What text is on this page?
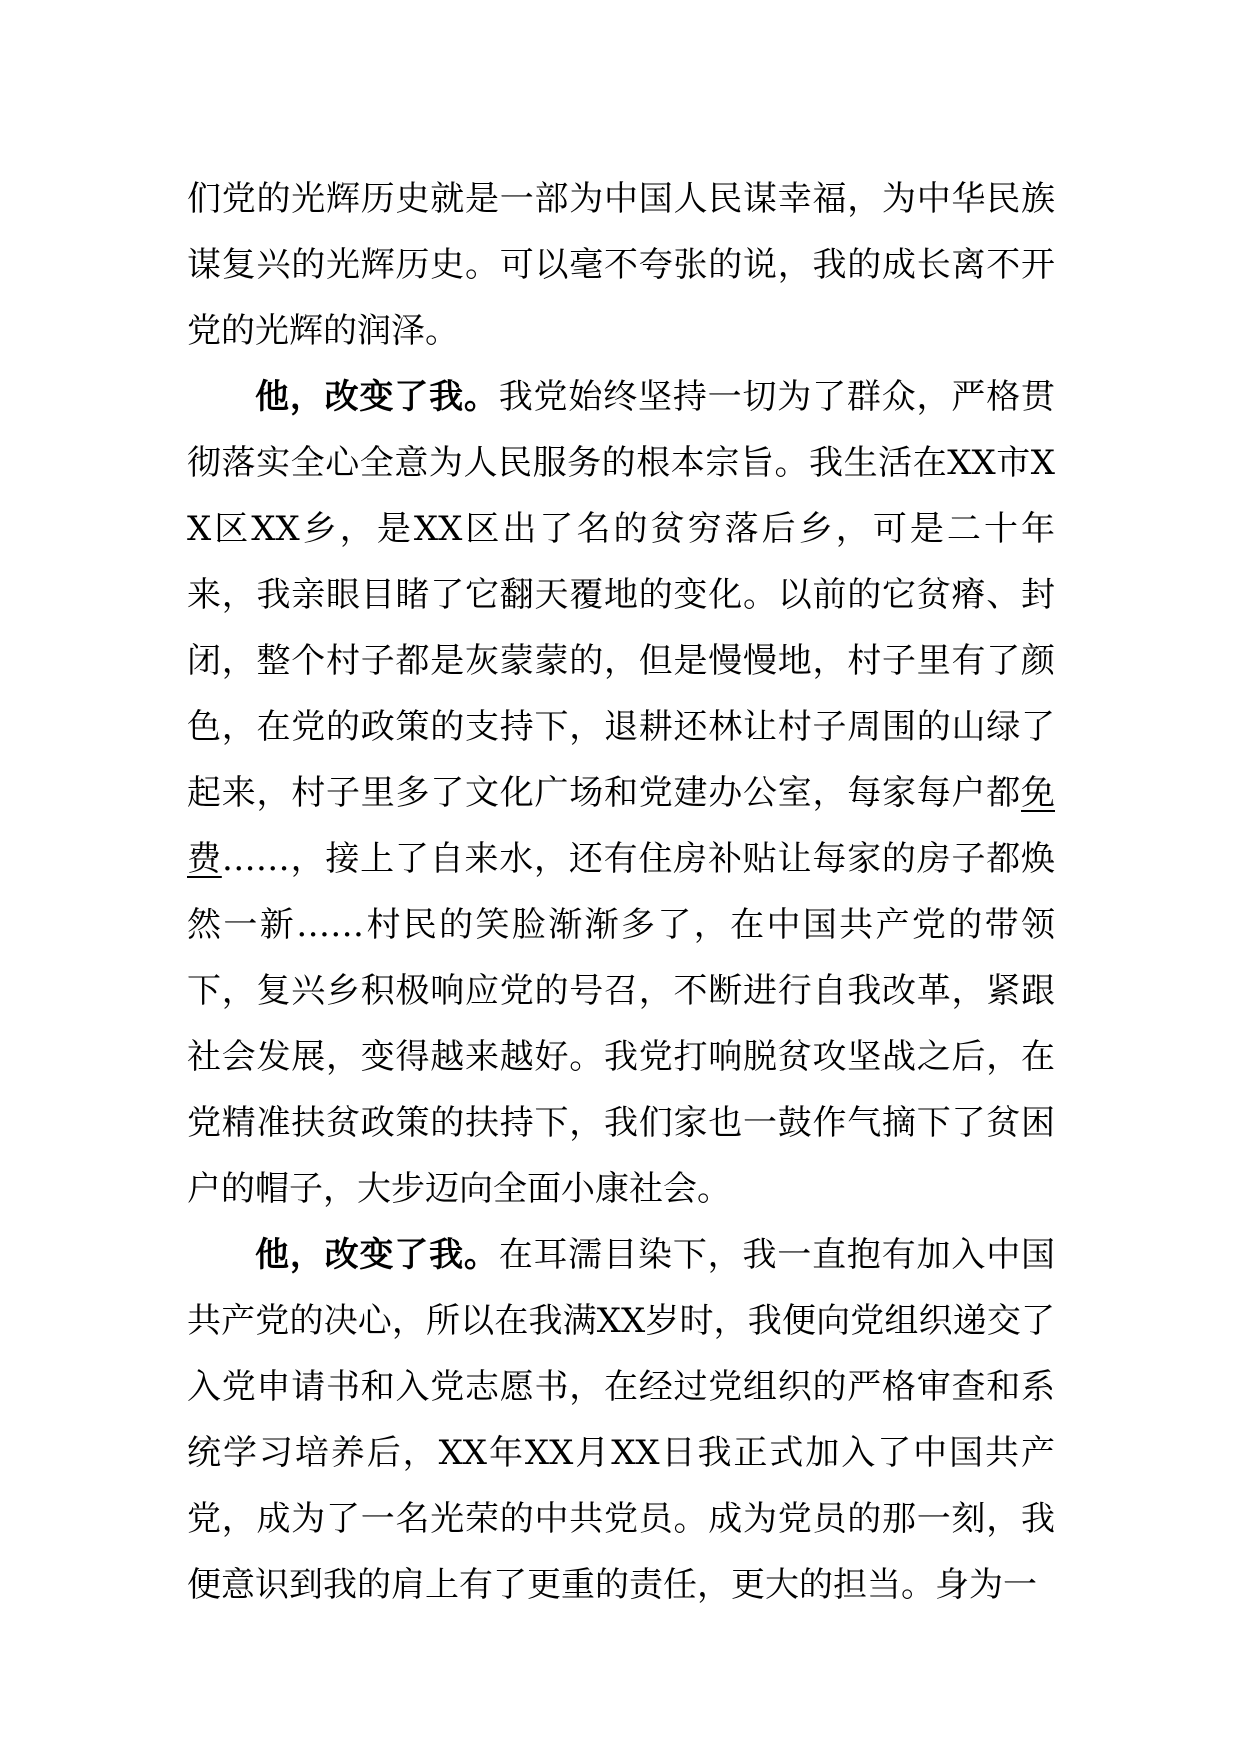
们党的光辉历史就是一部为中国人民谋幸福，为中华民族谋复兴的光辉历史。可以毫不夸张的说，我的成长离不开党的光辉的润泽。

他，改变了我。我党始终坚持一切为了群众，严格贯彻落实全心全意为人民服务的根本宗旨。我生活在XX市XX区XX乡，是XX区出了名的贫穷落后乡，可是二十年来，我亲眼目睹了它翻天覆地的变化。以前的它贫瘠、封闭，整个村子都是灰蒙蒙的，但是慢慢地，村子里有了颜色，在党的政策的支持下，退耕还林让村子周围的山绿了起来，村子里多了文化广场和党建办公室，每家每户都免费……，接上了自来水，还有住房补贴让每家的房子都焕然一新……村民的笑脸渐渐多了，在中国共产党的带领下，复兴乡积极响应党的号召，不断进行自我改革，紧跟社会发展，变得越来越好。我党打响脱贫攻坚战之后，在党精准扶贫政策的扶持下，我们家也一鼓作气摘下了贫困户的帽子，大步迈向全面小康社会。

他，改变了我。在耳濡目染下，我一直抱有加入中国共产党的决心，所以在我满XX岁时，我便向党组织递交了入党申请书和入党志愿书，在经过党组织的严格审查和系统学习培养后，XX年XX月XX日我正式加入了中国共产党，成为了一名光荣的中共党员。成为党员的那一刻，我便意识到我的肩上有了更重的责任，更大的担当。身为一
